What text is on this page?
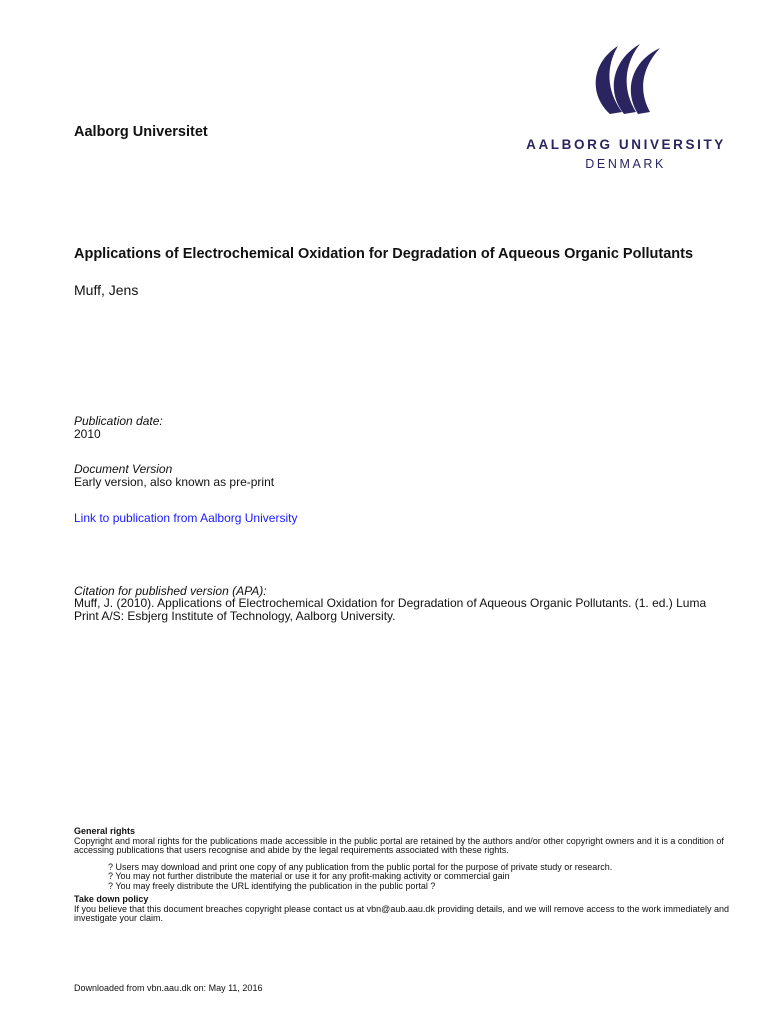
Aalborg Universitet
AALBORG UNIVERSITY
DENMARK
Applications of Electrochemical Oxidation for Degradation of Aqueous Organic Pollutants
Muff, Jens
Publication date:
2010
Document Version
Early version, also known as pre-print
Link to publication from Aalborg University
Citation for published version (APA):
Muff, J. (2010). Applications of Electrochemical Oxidation for Degradation of Aqueous Organic Pollutants. (1. ed.) Luma Print A/S: Esbjerg Institute of Technology, Aalborg University.
General rights
Copyright and moral rights for the publications made accessible in the public portal are retained by the authors and/or other copyright owners and it is a condition of accessing publications that users recognise and abide by the legal requirements associated with these rights.
? Users may download and print one copy of any publication from the public portal for the purpose of private study or research.
? You may not further distribute the material or use it for any profit-making activity or commercial gain
? You may freely distribute the URL identifying the publication in the public portal ?
Take down policy
If you believe that this document breaches copyright please contact us at vbn@aub.aau.dk providing details, and we will remove access to the work immediately and investigate your claim.
Downloaded from vbn.aau.dk on: May 11, 2016
